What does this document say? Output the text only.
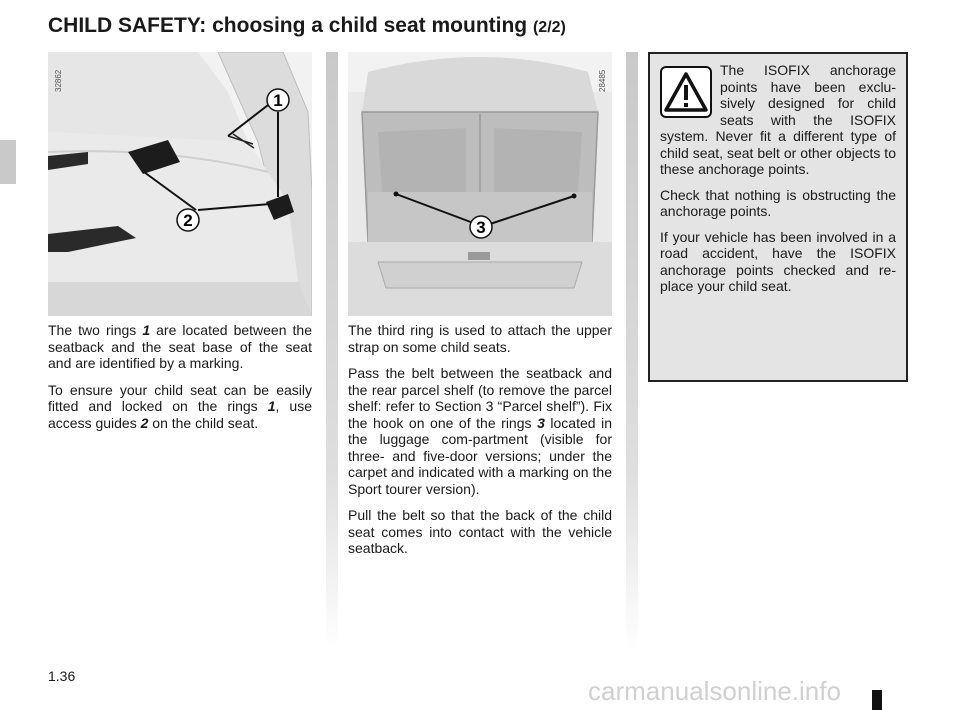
CHILD SAFETY: choosing a child seat mounting (2/2)
1
2
32862
3
28485

The two rings 1 are located between the seatback and the seat base of the seat and are identified by a marking.

To ensure your child seat can be easily fitted and locked on the rings 1, use access guides 2 on the child seat.

The third ring is used to attach the upper strap on some child seats.

Pass the belt between the seatback and the rear parcel shelf (to remove the parcel shelf: refer to Section 3 “Parcel shelf”). Fix the hook on one of the rings 3 located in the luggage com-partment (visible for three- and five-door versions; under the carpet and indicated with a marking on the Sport tourer version).

Pull the belt so that the back of the child seat comes into contact with the vehicle seatback.

The ISOFIX anchorage points have been exclu-sively designed for child seats with the ISOFIX system. Never fit a different type of child seat, seat belt or other objects to these anchorage points.

Check that nothing is obstructing the anchorage points.

If your vehicle has been involved in a road accident, have the ISOFIX anchorage points checked and re-place your child seat.

1.36	carmanualsonline.info
